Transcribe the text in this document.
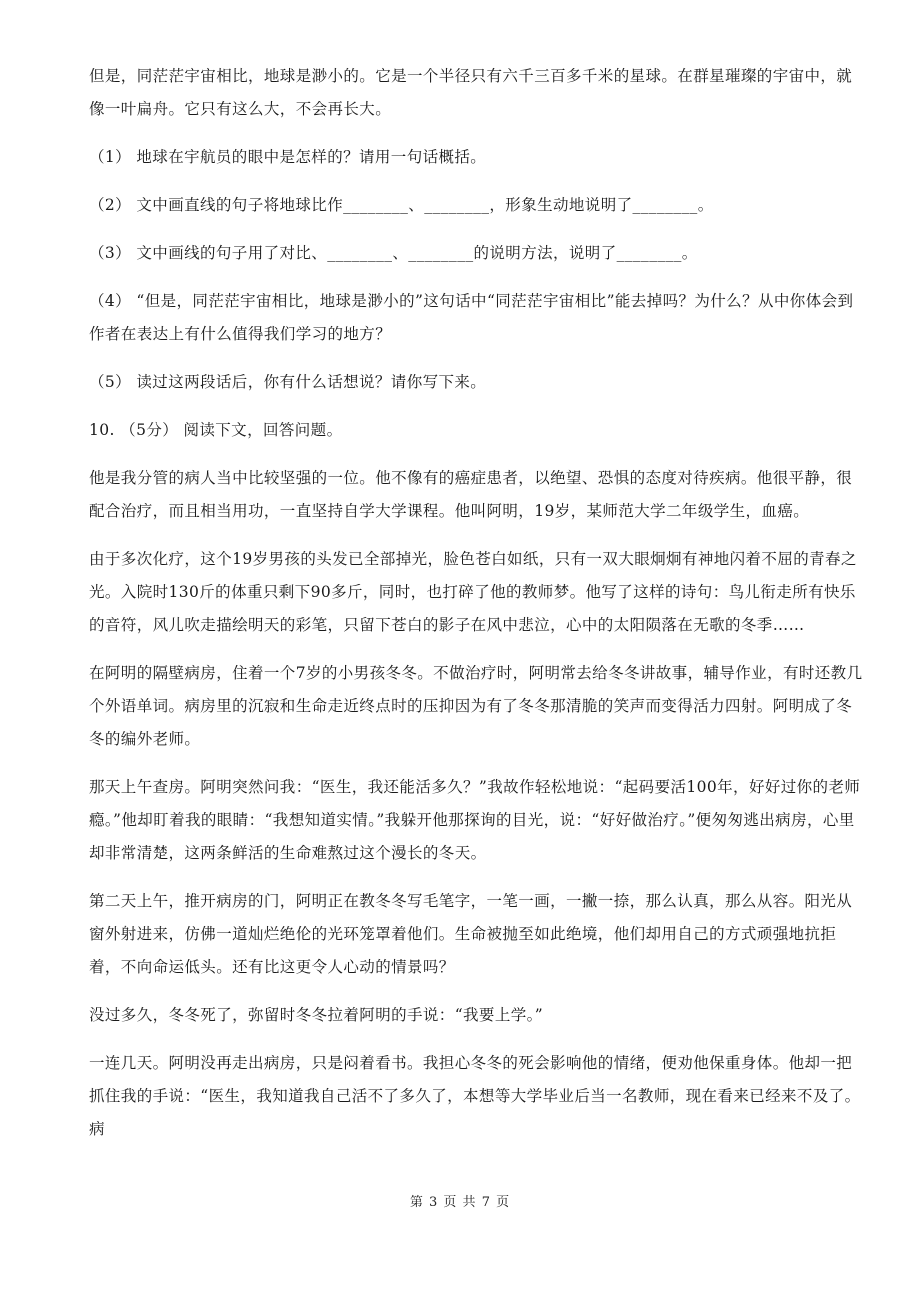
但是，同茫茫宇宙相比，地球是渺小的。它是一个半径只有六千三百多千米的星球。在群星璀璨的宇宙中，就像一叶扁舟。它只有这么大，不会再长大。

（1） 地球在宇航员的眼中是怎样的？请用一句话概括。

（2） 文中画直线的句子将地球比作________、________，形象生动地说明了________。

（3） 文中画线的句子用了对比、________、________的说明方法，说明了________。

（4） “但是，同茫茫宇宙相比，地球是渺小的”这句话中“同茫茫宇宙相比”能去掉吗？为什么？从中你体会到作者在表达上有什么值得我们学习的地方？

（5） 读过这两段话后，你有什么话想说？请你写下来。

10. （5分） 阅读下文，回答问题。

他是我分管的病人当中比较坚强的一位。他不像有的癌症患者，以绝望、恐惧的态度对待疾病。他很平静，很配合治疗，而且相当用功，一直坚持自学大学课程。他叫阿明，19岁，某师范大学二年级学生，血癌。

由于多次化疗，这个19岁男孩的头发已全部掉光，脸色苍白如纸，只有一双大眼炯炯有神地闪着不屈的青春之光。入院时130斤的体重只剩下90多斤，同时，也打碎了他的教师梦。他写了这样的诗句：鸟儿衔走所有快乐的音符，风儿吹走描绘明天的彩笔，只留下苍白的影子在风中悲泣，心中的太阳陨落在无歌的冬季……

在阿明的隔壁病房，住着一个7岁的小男孩冬冬。不做治疗时，阿明常去给冬冬讲故事，辅导作业，有时还教几个外语单词。病房里的沉寂和生命走近终点时的压抑因为有了冬冬那清脆的笑声而变得活力四射。阿明成了冬冬的编外老师。

那天上午查房。阿明突然问我：“医生，我还能活多久？”我故作轻松地说：“起码要活100年，好好过你的老师瘾。”他却盯着我的眼睛：“我想知道实情。”我躲开他那探询的目光，说：“好好做治疗。”便匆匆逃出病房，心里却非常清楚，这两条鲜活的生命难熬过这个漫长的冬天。

第二天上午，推开病房的门，阿明正在教冬冬写毛笔字，一笔一画，一撇一捺，那么认真，那么从容。阳光从窗外射进来，仿佛一道灿烂绝伦的光环笼罩着他们。生命被抛至如此绝境，他们却用自己的方式顽强地抗拒着，不向命运低头。还有比这更令人心动的情景吗？

没过多久，冬冬死了，弥留时冬冬拉着阿明的手说：“我要上学。”

一连几天。阿明没再走出病房，只是闷着看书。我担心冬冬的死会影响他的情绪，便劝他保重身体。他却一把抓住我的手说：“医生，我知道我自己活不了多久了，本想等大学毕业后当一名教师，现在看来已经来不及了。病

第 3 页 共 7 页
